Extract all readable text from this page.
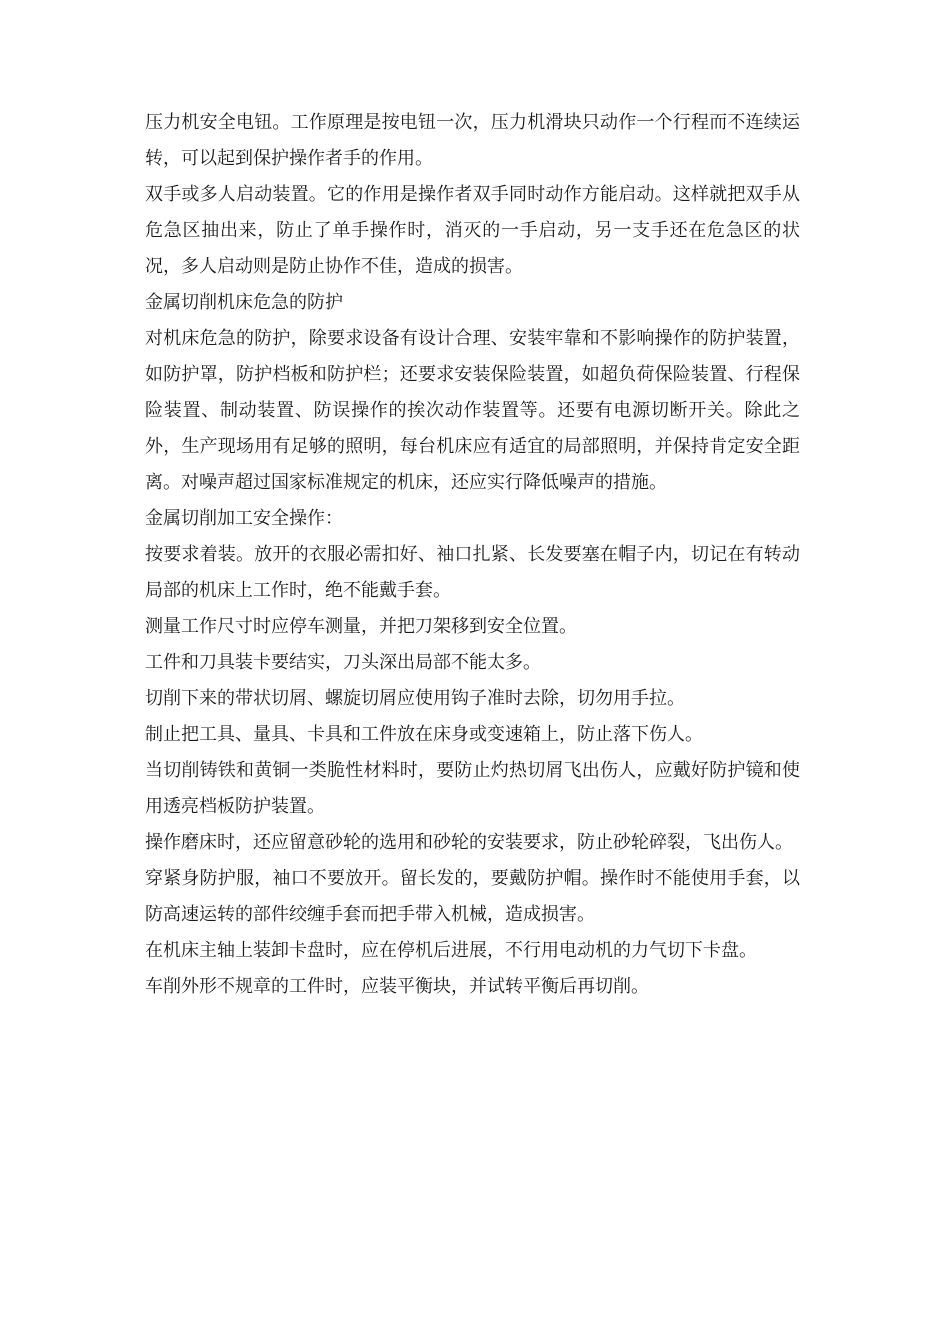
压力机安全电钮。工作原理是按电钮一次，压力机滑块只动作一个行程而不连续运转，可以起到保护操作者手的作用。

双手或多人启动装置。它的作用是操作者双手同时动作方能启动。这样就把双手从危急区抽出来，防止了单手操作时，消灭的一手启动，另一支手还在危急区的状况，多人启动则是防止协作不佳，造成的损害。

金属切削机床危急的防护

对机床危急的防护，除要求设备有设计合理、安装牢靠和不影响操作的防护装置，如防护罩，防护档板和防护栏；还要求安装保险装置，如超负荷保险装置、行程保险装置、制动装置、防误操作的挨次动作装置等。还要有电源切断开关。除此之外，生产现场用有足够的照明，每台机床应有适宜的局部照明，并保持肯定安全距离。对噪声超过国家标准规定的机床，还应实行降低噪声的措施。

金属切削加工安全操作：

按要求着装。放开的衣服必需扣好、袖口扎紧、长发要塞在帽子内，切记在有转动局部的机床上工作时，绝不能戴手套。

测量工作尺寸时应停车测量，并把刀架移到安全位置。

工件和刀具装卡要结实，刀头深出局部不能太多。

切削下来的带状切屑、螺旋切屑应使用钩子准时去除，切勿用手拉。

制止把工具、量具、卡具和工件放在床身或变速箱上，防止落下伤人。

当切削铸铁和黄铜一类脆性材料时，要防止灼热切屑飞出伤人，应戴好防护镜和使用透亮档板防护装置。

操作磨床时，还应留意砂轮的选用和砂轮的安装要求，防止砂轮碎裂，飞出伤人。

穿紧身防护服，袖口不要放开。留长发的，要戴防护帽。操作时不能使用手套，以防高速运转的部件绞缠手套而把手带入机械，造成损害。

在机床主轴上装卸卡盘时，应在停机后进展，不行用电动机的力气切下卡盘。

车削外形不规章的工件时，应装平衡块，并试转平衡后再切削。
